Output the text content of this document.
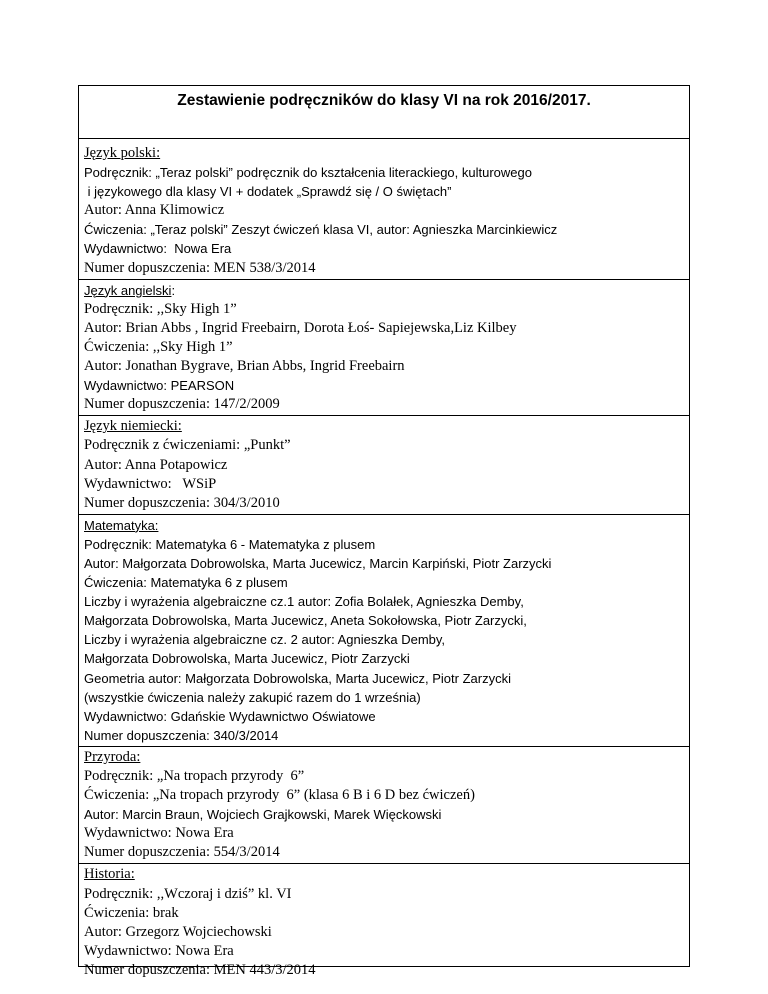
Zestawienie podręczników do klasy VI na rok 2016/2017.
Język polski:
Podręcznik: „Teraz polski” podręcznik do kształcenia literackiego, kulturowego
i językowego dla klasy VI + dodatek „Sprawdź się / O świętach”
Autor: Anna Klimowicz
Ćwiczenia: „Teraz polski” Zeszyt ćwiczeń klasa VI, autor: Agnieszka Marcinkiewicz
Wydawnictwo:  Nowa Era
Numer dopuszczenia: MEN 538/3/2014
Język angielski:
Podręcznik: ,,Sky High 1”
Autor: Brian Abbs , Ingrid Freebairn, Dorota Łoś- Sapiejewska,Liz Kilbey
Ćwiczenia: ,,Sky High 1”
Autor: Jonathan Bygrave, Brian Abbs, Ingrid Freebairn
Wydawnictwo: PEARSON
Numer dopuszczenia: 147/2/2009
Język niemiecki:
Podręcznik z ćwiczeniami: „Punkt”
Autor: Anna Potapowicz
Wydawnictwo:   WSiP
Numer dopuszczenia: 304/3/2010
Matematyka:
Podręcznik: Matematyka 6 - Matematyka z plusem
Autor: Małgorzata Dobrowolska, Marta Jucewicz, Marcin Karpiński, Piotr Zarzycki
Ćwiczenia: Matematyka 6 z plusem
Liczby i wyrażenia algebraiczne cz.1 autor: Zofia Bolałek, Agnieszka Demby,
Małgorzata Dobrowolska, Marta Jucewicz, Aneta Sokołowska, Piotr Zarzycki,
Liczby i wyrażenia algebraiczne cz. 2 autor: Agnieszka Demby,
Małgorzata Dobrowolska, Marta Jucewicz, Piotr Zarzycki
Geometria autor: Małgorzata Dobrowolska, Marta Jucewicz, Piotr Zarzycki
(wszystkie ćwiczenia należy zakupić razem do 1 września)
Wydawnictwo: Gdańskie Wydawnictwo Oświatowe
Numer dopuszczenia: 340/3/2014
Przyroda:
Podręcznik: „Na tropach przyrody  6”
Ćwiczenia: „Na tropach przyrody  6” (klasa 6 B i 6 D bez ćwiczeń)
Autor: Marcin Braun, Wojciech Grajkowski, Marek Więckowski
Wydawnictwo: Nowa Era
Numer dopuszczenia: 554/3/2014
Historia:
Podręcznik: ,,Wczoraj i dziś” kl. VI
Ćwiczenia: brak
Autor: Grzegorz Wojciechowski
Wydawnictwo: Nowa Era
Numer dopuszczenia: MEN 443/3/2014
